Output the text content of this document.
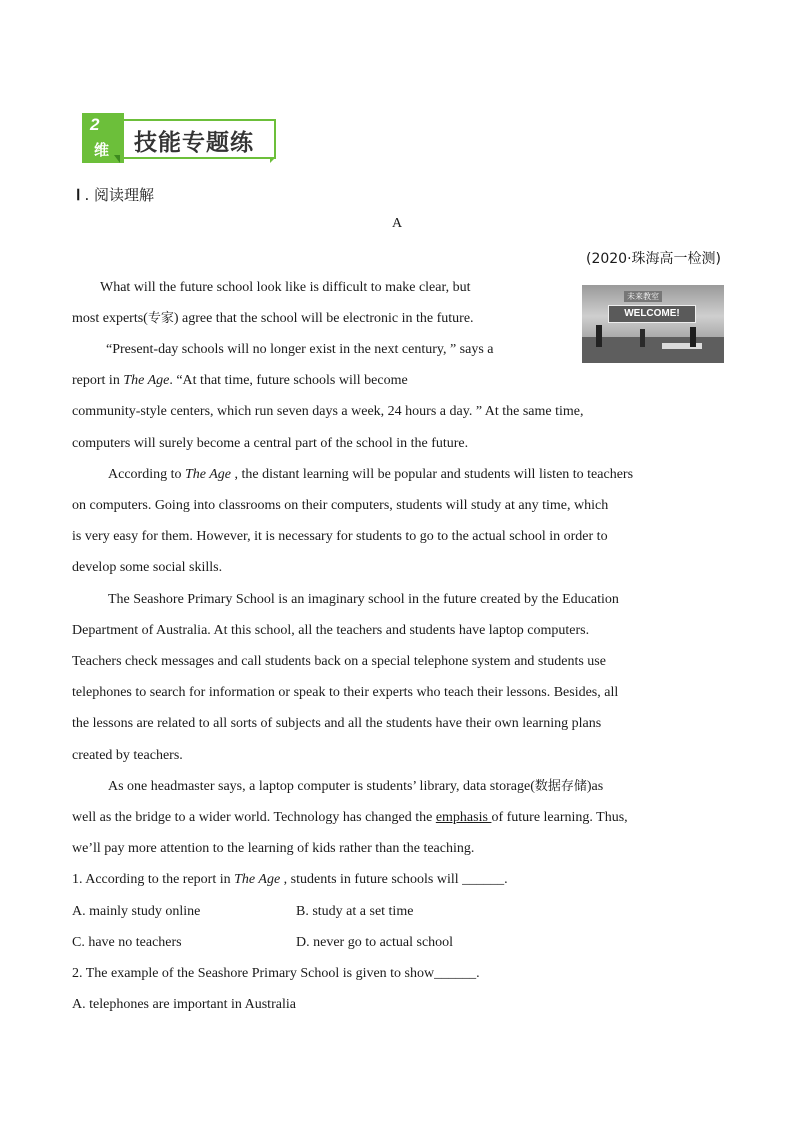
技能专题练
2
维
Ⅰ . 阅读理解
A
(2020·珠海高一检测)
未来教室
WELCOME!
What will the future school look like is difficult to make clear, but
most experts(专家) agree that the school will be electronic in the future.
“Present-day schools will no longer exist in the next century, ” says a
report in The Age. “At that time, future schools will become
community-style centers, which run seven days a week, 24 hours a day. ” At the same time,
computers will surely become a central part of the school in the future.
According to The Age , the distant learning will be popular and students will listen to teachers
on computers. Going into classrooms on their computers, students will study at any time, which
is very easy for them. However, it is necessary for students to go to the actual school in order to
develop some social skills.
The Seashore Primary School is an imaginary school in the future created by the Education
Department of Australia. At this school, all the teachers and students have laptop computers.
Teachers check messages and call students back on a special telephone system and students use
telephones to search for information or speak to their experts who teach their lessons. Besides, all
the lessons are related to all sorts of subjects and all the students have their own learning plans
created by teachers.
As one headmaster says, a laptop computer is students’ library, data storage(数据存储)as
well as the bridge to a wider world. Technology has changed the emphasis of future learning. Thus,
we’ll pay more attention to the learning of kids rather than the teaching.
1. According to the report in The Age , students in future schools will ______.
A. mainly study online	B. study at a set time
C. have no teachers	D. never go to actual school
2. The example of the Seashore Primary School is given to show______.
A. telephones are important in Australia
